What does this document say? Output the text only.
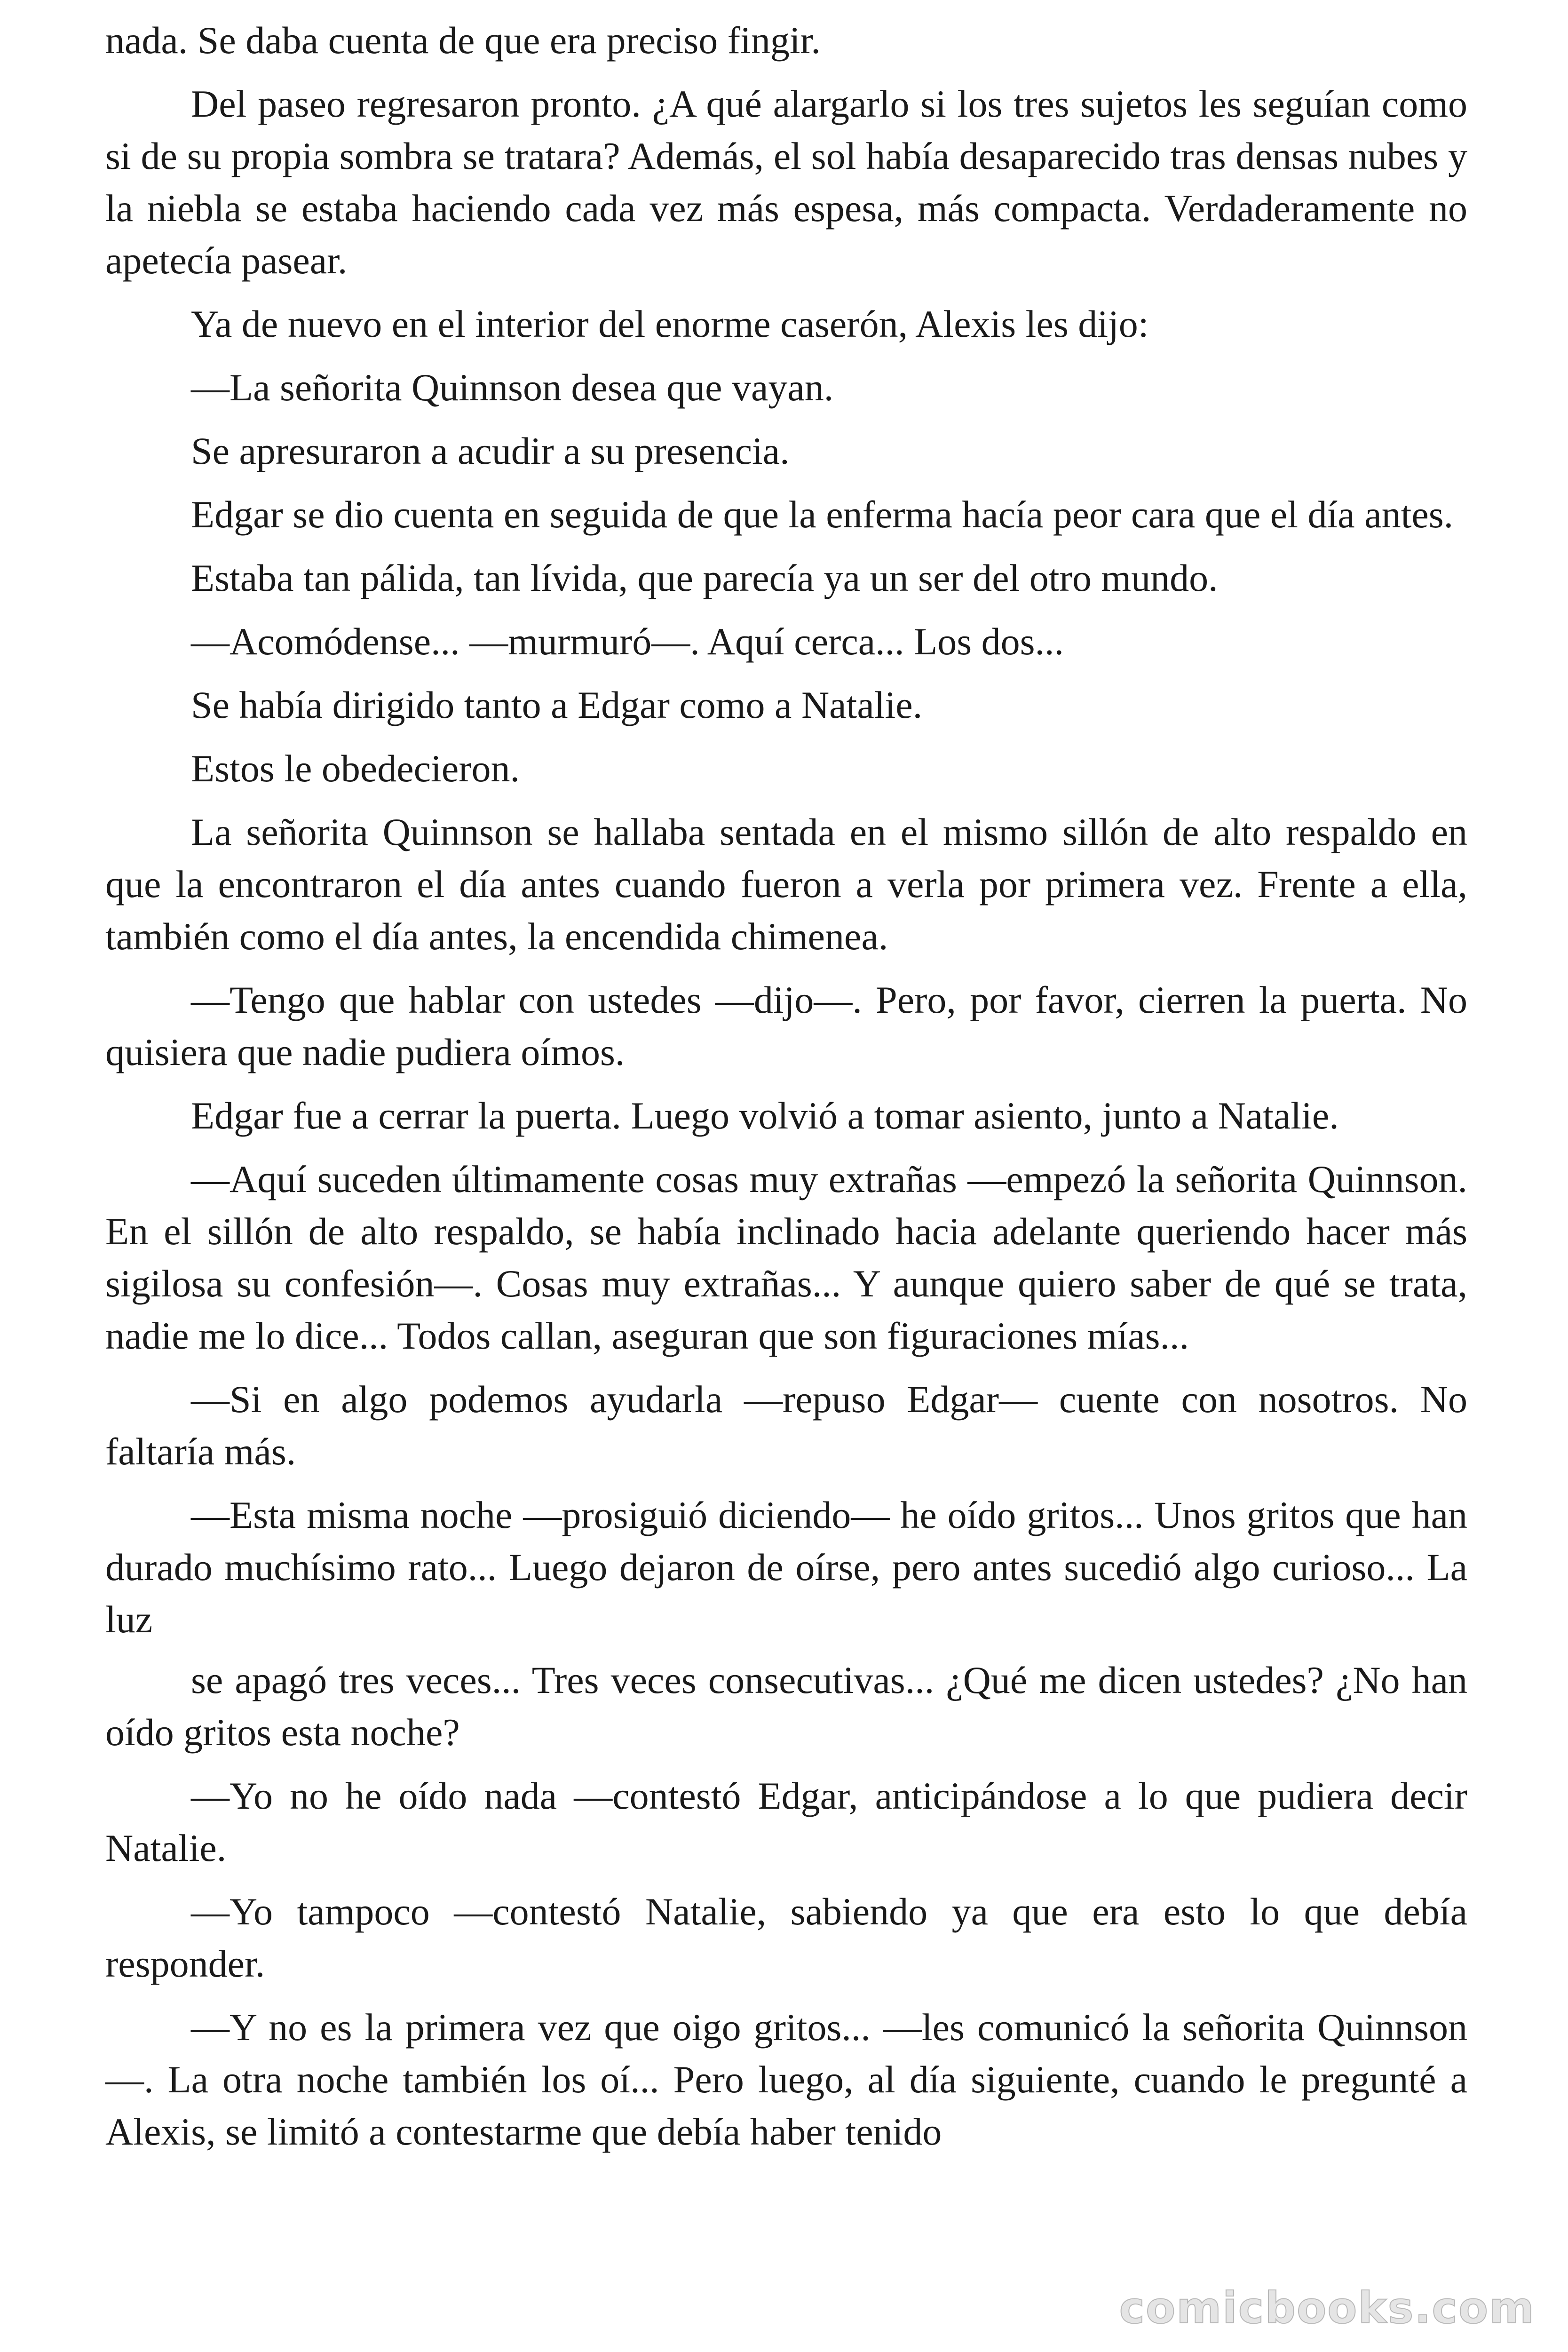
nada. Se daba cuenta de que era preciso fingir.

Del paseo regresaron pronto. ¿A qué alargarlo si los tres sujetos les seguían como si de su propia sombra se tratara? Además, el sol había desaparecido tras densas nubes y la niebla se estaba haciendo cada vez más espesa, más compacta. Verdaderamente no apetecía pasear.

Ya de nuevo en el interior del enorme caserón, Alexis les dijo:

—La señorita Quinnson desea que vayan.

Se apresuraron a acudir a su presencia.

Edgar se dio cuenta en seguida de que la enferma hacía peor cara que el día antes.

Estaba tan pálida, tan lívida, que parecía ya un ser del otro mundo.

—Acomódense... —murmuró—. Aquí cerca... Los dos...

Se había dirigido tanto a Edgar como a Natalie.

Estos le obedecieron.

La señorita Quinnson se hallaba sentada en el mismo sillón de alto respaldo en que la encontraron el día antes cuando fueron a verla por primera vez. Frente a ella, también como el día antes, la encendida chimenea.

—Tengo que hablar con ustedes —dijo—. Pero, por favor, cierren la puerta. No quisiera que nadie pudiera oímos.

Edgar fue a cerrar la puerta. Luego volvió a tomar asiento, junto a Natalie.

—Aquí suceden últimamente cosas muy extrañas —empezó la señorita Quinnson. En el sillón de alto respaldo, se había inclinado hacia adelante queriendo hacer más sigilosa su confesión—. Cosas muy extrañas... Y aunque quiero saber de qué se trata, nadie me lo dice... Todos callan, aseguran que son figuraciones mías...

—Si en algo podemos ayudarla —repuso Edgar— cuente con nosotros. No faltaría más.

—Esta misma noche —prosiguió diciendo— he oído gritos... Unos gritos que han durado muchísimo rato... Luego dejaron de oírse, pero antes sucedió algo curioso... La luz

se apagó tres veces... Tres veces consecutivas... ¿Qué me dicen ustedes? ¿No han oído gritos esta noche?

—Yo no he oído nada —contestó Edgar, anticipándose a lo que pudiera decir Natalie.

—Yo tampoco —contestó Natalie, sabiendo ya que era esto lo que debía responder.

—Y no es la primera vez que oigo gritos... —les comunicó la señorita Quinnson—. La otra noche también los oí... Pero luego, al día siguiente, cuando le pregunté a Alexis, se limitó a contestarme que debía haber tenido

comicbooks.com
